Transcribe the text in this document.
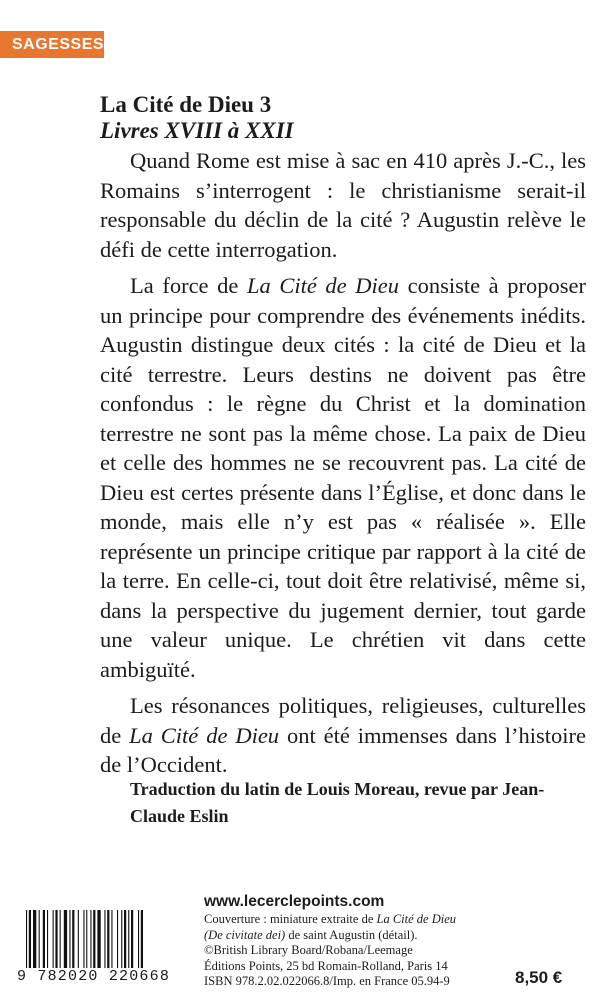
SAGESSES
La Cité de Dieu 3
Livres XVIII à XXII

Quand Rome est mise à sac en 410 après J.-C., les Romains s’interrogent : le christianisme serait-il responsable du déclin de la cité ? Augustin relève le défi de cette interrogation.

La force de La Cité de Dieu consiste à proposer un principe pour comprendre des événements inédits. Augustin distingue deux cités : la cité de Dieu et la cité terrestre. Leurs destins ne doivent pas être confondus : le règne du Christ et la domination terrestre ne sont pas la même chose. La paix de Dieu et celle des hommes ne se recouvrent pas. La cité de Dieu est certes présente dans l’Église, et donc dans le monde, mais elle n’y est pas « réalisée ». Elle représente un principe critique par rapport à la cité de la terre. En celle-ci, tout doit être relativisé, même si, dans la perspective du jugement dernier, tout garde une valeur unique. Le chrétien vit dans cette ambiguïté.

Les résonances politiques, religieuses, culturelles de La Cité de Dieu ont été immenses dans l’histoire de l’Occident.

Traduction du latin de Louis Moreau, revue par Jean-Claude Eslin

9 782020 220668

www.lecerclepoints.com

Couverture : miniature extraite de La Cité de Dieu
(De civitate dei) de saint Augustin (détail).
©British Library Board/Robana/Leemage
Éditions Points, 25 bd Romain-Rolland, Paris 14
ISBN 978.2.02.022066.8/Imp. en France 05.94-9	8,50 €
